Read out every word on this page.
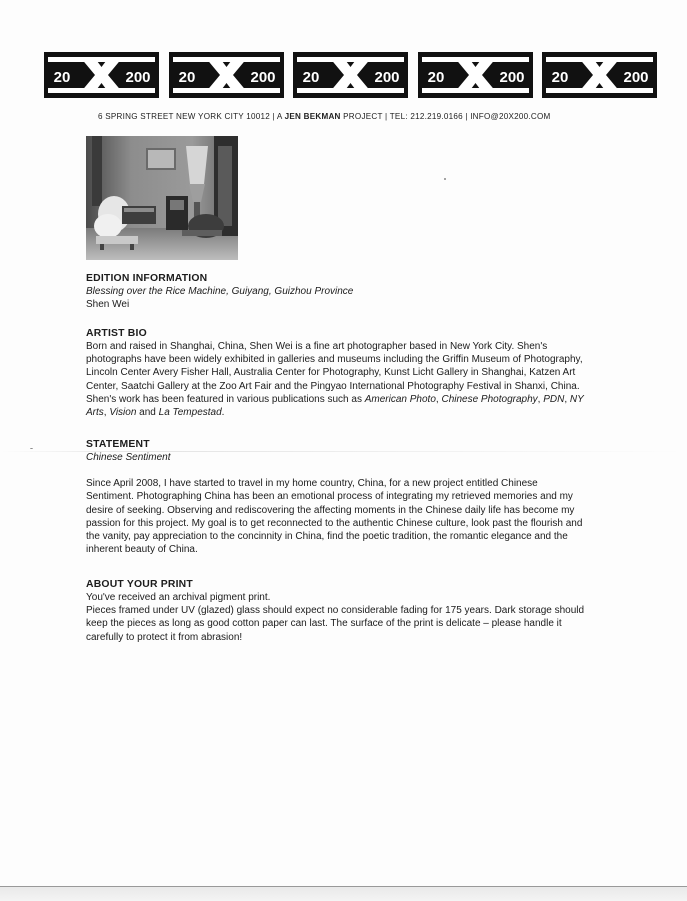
20	200 20	200 20	200 20	200 20	200
6 SPRING STREET NEW YORK CITY 10012 | A JEN BEKMAN PROJECT | TEL: 212.219.0166 | INFO@20X200.COM
EDITION INFORMATION

Blessing over the Rice Machine, Guiyang, Guizhou Province

Shen Wei

ARTIST BIO

Born and raised in Shanghai, China, Shen Wei is a fine art photographer based in New York City. Shen's

photographs have been widely exhibited in galleries and museums including the Griffin Museum of Photography,

Lincoln Center Avery Fisher Hall, Australia Center for Photography, Kunst Licht Gallery in Shanghai, Katzen Art

Center, Saatchi Gallery at the Zoo Art Fair and the Pingyao International Photography Festival in Shanxi, China.

Shen's work has been featured in various publications such as American Photo, Chinese Photography, PDN, NY

Arts, Vision and La Tempestad.

STATEMENT

Chinese Sentiment

Since April 2008, I have started to travel in my home country, China, for a new project entitled Chinese

Sentiment. Photographing China has been an emotional process of integrating my retrieved memories and my

desire of seeking. Observing and rediscovering the affecting moments in the Chinese daily life has become my

passion for this project. My goal is to get reconnected to the authentic Chinese culture, look past the flourish and

the vanity, pay appreciation to the concinnity in China, find the poetic tradition, the romantic elegance and the

inherent beauty of China.

ABOUT YOUR PRINT

You've received an archival pigment print.

Pieces framed under UV (glazed) glass should expect no considerable fading for 175 years. Dark storage should

keep the pieces as long as good cotton paper can last. The surface of the print is delicate – please handle it

carefully to protect it from abrasion!
